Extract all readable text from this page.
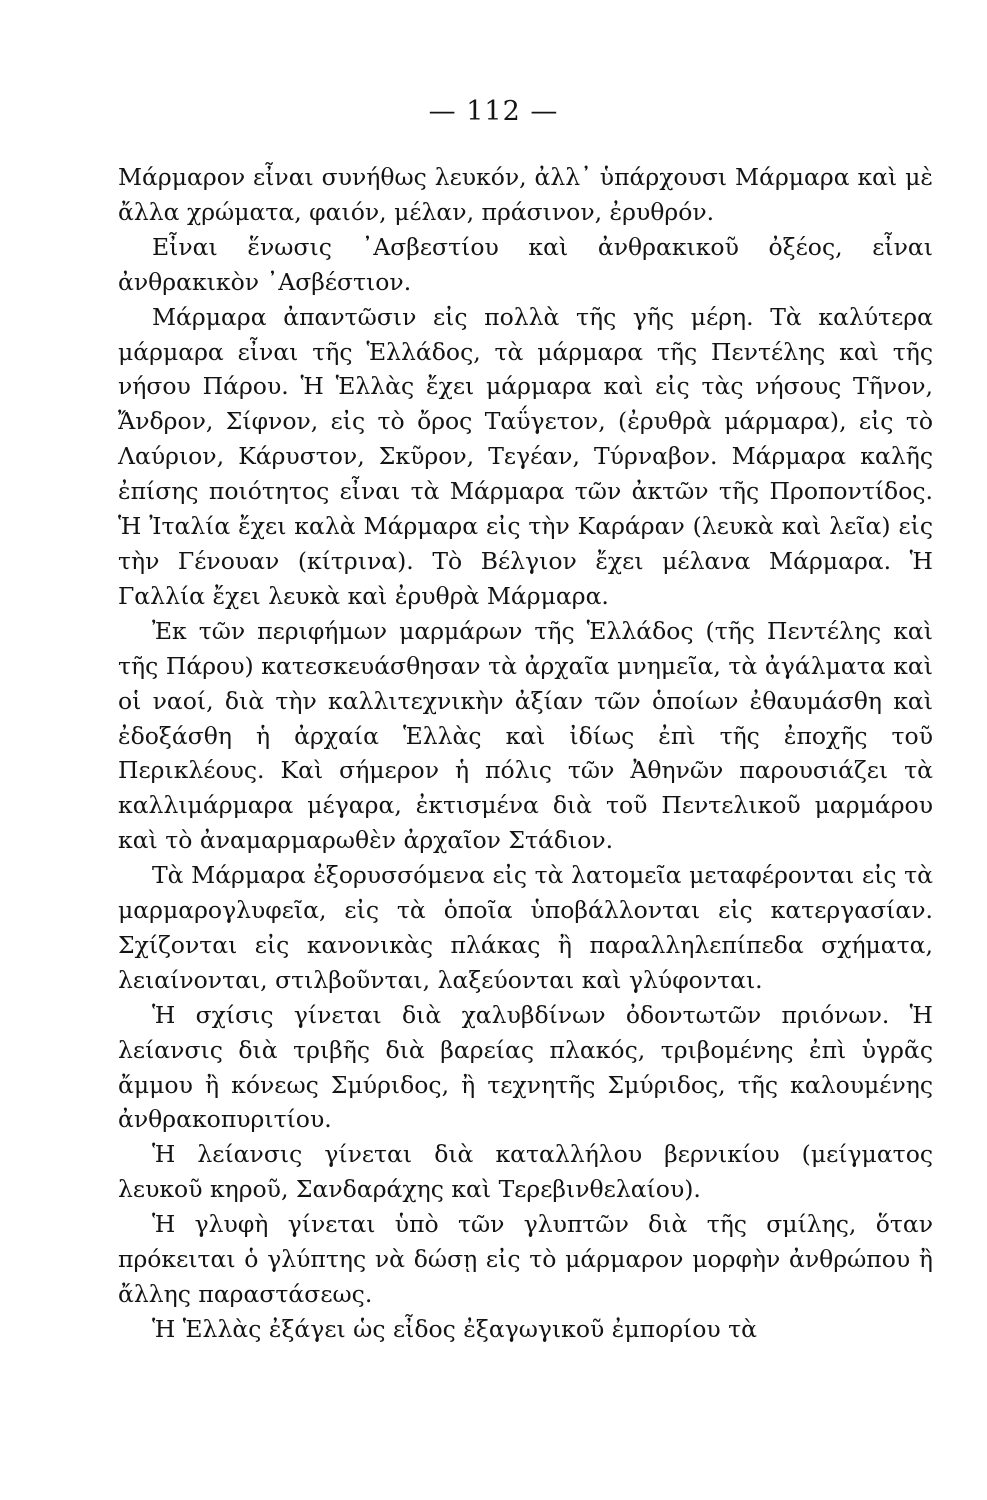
— 112 —

Μάρμαρον εἶναι συνήθως λευκόν, ἀλλ᾽ ὑπάρχουσι Μάρμαρα καὶ μὲ ἄλλα χρώματα, φαιόν, μέλαν, πράσινον, ἐρυθρόν.

Εἶναι ἕνωσις ᾽Ασβεστίου καὶ ἀνθρακικοῦ ὀξέος, εἶναι ἀνθρακικὸν ᾽Ασβέστιον.

Μάρμαρα ἀπαντῶσιν εἰς πολλὰ τῆς γῆς μέρη. Τὰ καλύτερα μάρμαρα εἶναι τῆς Ἑλλάδος, τὰ μάρμαρα τῆς Πεντέλης καὶ τῆς νήσου Πάρου. Ἡ Ἑλλὰς ἔχει μάρμαρα καὶ εἰς τὰς νήσους Τῆνον, Ἄνδρον, Σίφνον, εἰς τὸ ὄρος Ταΰγετον, (ἐρυθρὰ μάρμαρα), εἰς τὸ Λαύριον, Κάρυστον, Σκῦρον, Τεγέαν, Τύρναβον. Μάρμαρα καλῆς ἐπίσης ποιότητος εἶναι τὰ Μάρμαρα τῶν ἀκτῶν τῆς Προποντίδος. Ἡ Ἰταλία ἔχει καλὰ Μάρμαρα εἰς τὴν Καράραν (λευκὰ καὶ λεῖα) εἰς τὴν Γένουαν (κίτρινα). Τὸ Βέλγιον ἔχει μέλανα Μάρμαρα. Ἡ Γαλλία ἔχει λευκὰ καὶ ἐρυθρὰ Μάρμαρα.

Ἐκ τῶν περιφήμων μαρμάρων τῆς Ἑλλάδος (τῆς Πεντέλης καὶ τῆς Πάρου) κατεσκευάσθησαν τὰ ἀρχαῖα μνημεῖα, τὰ ἀγάλματα καὶ οἱ ναοί, διὰ τὴν καλλιτεχνικὴν ἀξίαν τῶν ὁποίων ἐθαυμάσθη καὶ ἐδοξάσθη ἡ ἀρχαία Ἑλλὰς καὶ ἰδίως ἐπὶ τῆς ἐποχῆς τοῦ Περικλέους. Καὶ σήμερον ἡ πόλις τῶν Ἀθηνῶν παρουσιάζει τὰ καλλιμάρμαρα μέγαρα, ἐκτισμένα διὰ τοῦ Πεντελικοῦ μαρμάρου καὶ τὸ ἀναμαρμαρωθὲν ἀρχαῖον Στάδιον.

Τὰ Μάρμαρα ἐξορυσσόμενα εἰς τὰ λατομεῖα μεταφέρονται εἰς τὰ μαρμαρογλυφεῖα, εἰς τὰ ὁποῖα ὑποβάλλονται εἰς κατεργασίαν. Σχίζονται εἰς κανονικὰς πλάκας ἢ παραλληλεπίπεδα σχήματα, λειαίνονται, στιλβοῦνται, λαξεύονται καὶ γλύφονται.

Ἡ σχίσις γίνεται διὰ χαλυβδίνων ὀδοντωτῶν πριόνων. Ἡ λείανσις διὰ τριβῆς διὰ βαρείας πλακός, τριβομένης ἐπὶ ὑγρᾶς ἄμμου ἢ κόνεως Σμύριδος, ἢ τεχνητῆς Σμύριδος, τῆς καλουμένης ἀνθρακοπυριτίου.

Ἡ λείανσις γίνεται διὰ καταλλήλου βερνικίου (μείγματος λευκοῦ κηροῦ, Σανδαράχης καὶ Τερεβινθελαίου).

Ἡ γλυφὴ γίνεται ὑπὸ τῶν γλυπτῶν διὰ τῆς σμίλης, ὅταν πρόκειται ὁ γλύπτης νὰ δώσῃ εἰς τὸ μάρμαρον μορφὴν ἀνθρώπου ἢ ἄλλης παραστάσεως.

Ἡ Ἑλλὰς ἐξάγει ὡς εἶδος ἐξαγωγικοῦ ἐμπορίου τὰ
